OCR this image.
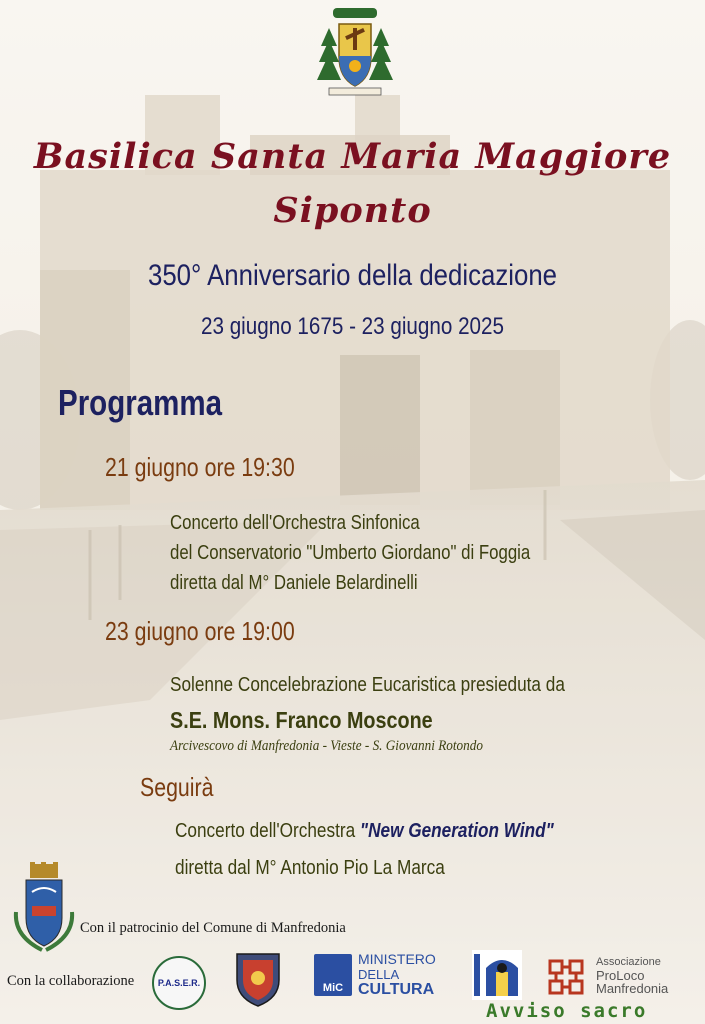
Basilica Santa Maria Maggiore
Siponto
350° Anniversario della dedicazione
23 giugno 1675 - 23 giugno 2025
Programma
21 giugno ore 19:30
Concerto dell'Orchestra Sinfonica
del Conservatorio "Umberto Giordano" di Foggia
diretta dal M° Daniele Belardinelli
23 giugno ore 19:00
Solenne Concelebrazione Eucaristica presieduta da
S.E. Mons. Franco Moscone
Arcivescovo di Manfredonia - Vieste - S. Giovanni Rotondo
Seguirà
Concerto dell'Orchestra "New Generation Wind"
diretta dal M° Antonio Pio La Marca
Con il patrocinio del Comune di Manfredonia
Con la collaborazione	P.A.S.E.R.	MiC
MINISTERO
DELLA
CULTURA
Associazione
ProLoco
Manfredonia
Avviso sacro
